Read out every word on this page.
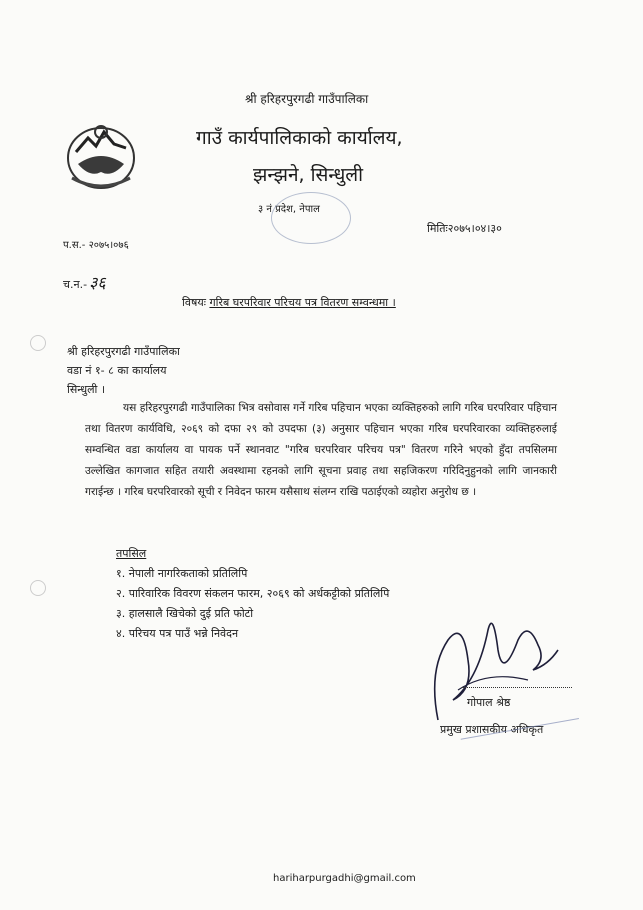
श्री हरिहरपुरगढी गाउँपालिका
गाउँ कार्यपालिकाको कार्यालय,
झन्झने, सिन्धुली
३ नं प्रदेश, नेपाल
मितिः२०७५।०४।३०
प.स.- २०७५।०७६
च.न.- ३६
विषयः गरिब घरपरिवार परिचय पत्र वितरण सम्वन्धमा ।
श्री हरिहरपुरगढी गाउँपालिका
वडा नं १- ८ का कार्यालय
सिन्धुली ।
यस हरिहरपुरगढी गाउँपालिका भित्र वसोवास गर्ने गरिब पहिचान भएका व्यक्तिहरुको लागि गरिब घरपरिवार पहिचान तथा वितरण कार्यविधि, २०६९ को दफा २९ को उपदफा (३) अनुसार पहिचान भएका गरिब घरपरिवारका व्यक्तिहरुलाई सम्वन्धित वडा कार्यालय वा पायक पर्ने स्थानवाट "गरिब घरपरिवार परिचय पत्र" वितरण गरिने भएको हुँदा तपसिलमा उल्लेखित कागजात सहित तयारी अवस्थामा रहनको लागि सूचना प्रवाह तथा सहजिकरण गरिदिनुहुनको लागि जानकारी गराईन्छ । गरिब घरपरिवारको सूची र निवेदन फारम यसैसाथ संलग्न राखि पठाईएको व्यहोरा अनुरोध छ ।
तपसिल
१. नेपाली नागरिकताको प्रतिलिपि
२. पारिवारिक विवरण संकलन फारम, २०६९ को अर्धकट्टीको प्रतिलिपि
३. हालसालै खिचेको दुई प्रति फोटो
४. परिचय पत्र पाउँ भन्ने निवेदन
गोपाल श्रेष्ठ
प्रमुख प्रशासकीय अधिकृत
hariharpurgadhi@gmail.com
